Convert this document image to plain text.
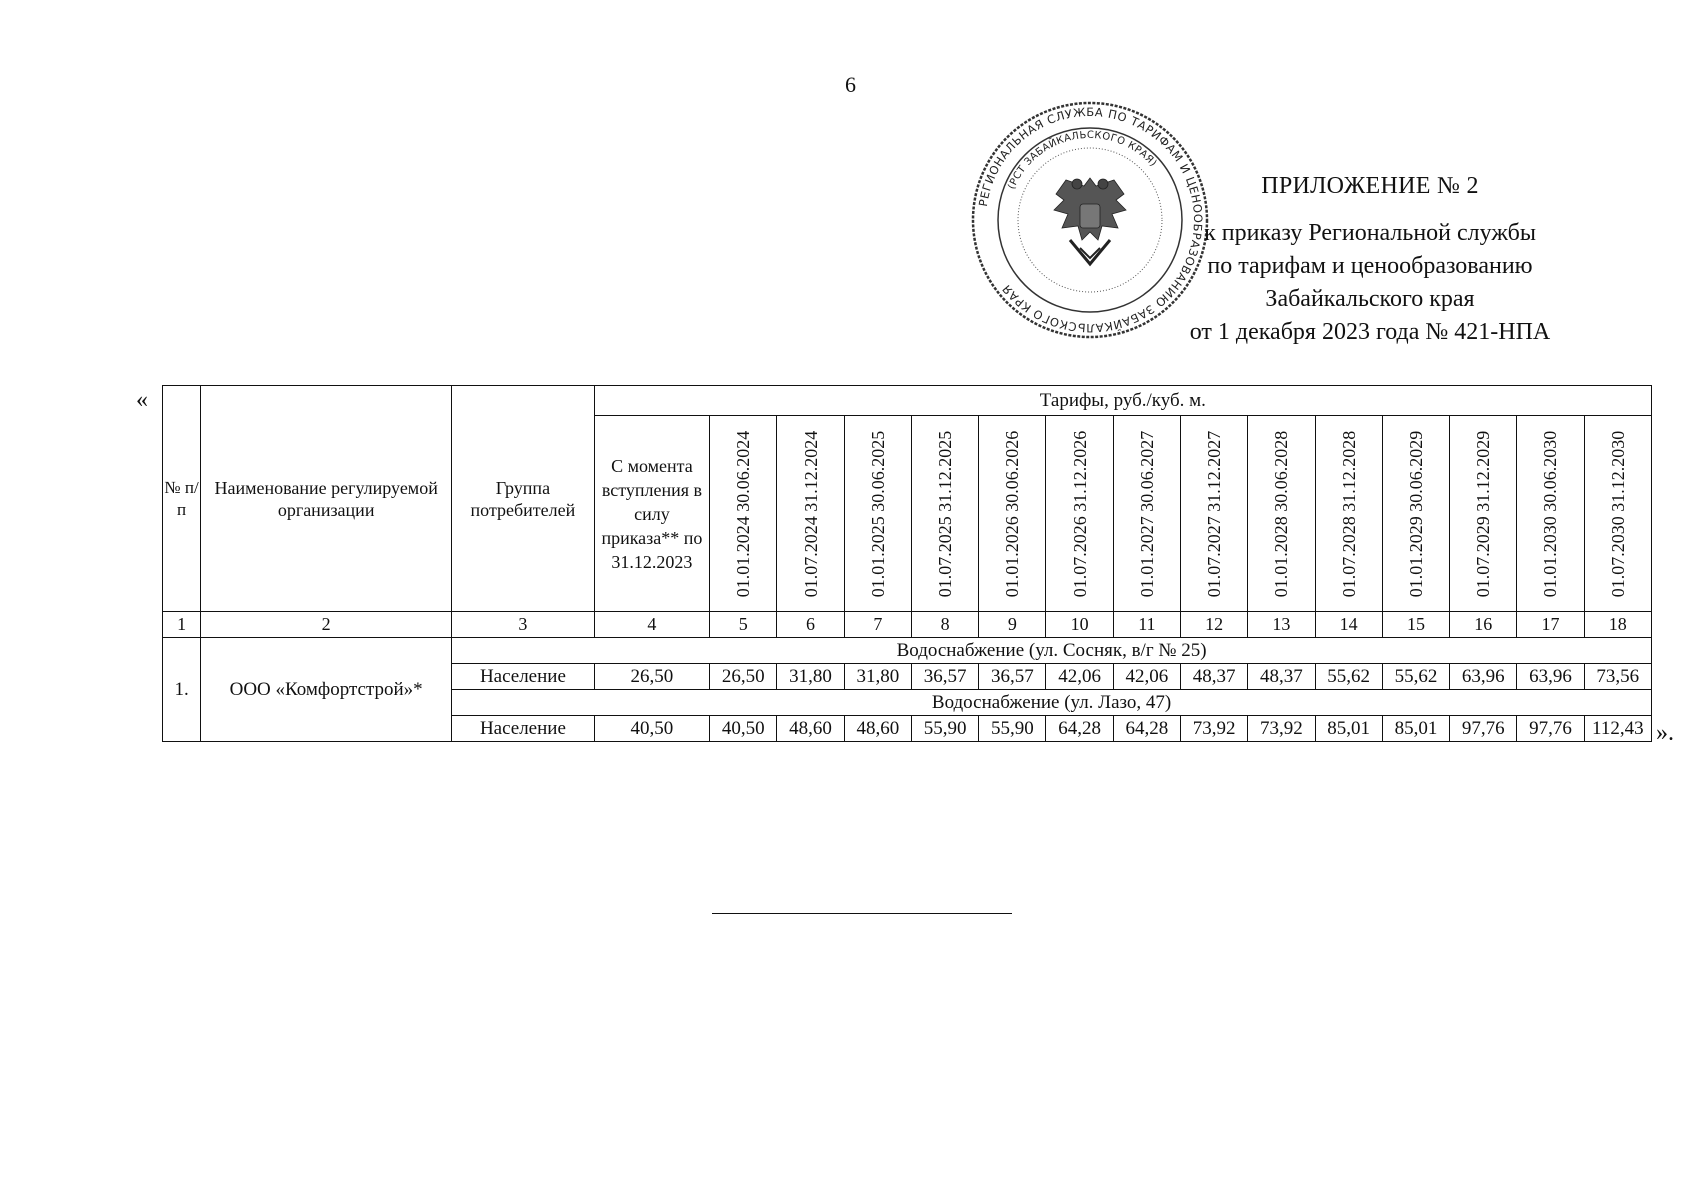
6
РЕГИОНАЛЬНАЯ СЛУЖБА ПО ТАРИФАМ И ЦЕНООБРАЗОВАНИЮ ЗАБАЙКАЛЬСКОГО КРАЯ
(РСТ ЗАБАЙКАЛЬСКОГО КРАЯ)
ПРИЛОЖЕНИЕ № 2
к приказу Региональной службы
по тарифам и ценообразованию
Забайкальского края
от 1 декабря 2023 года № 421-НПА
«
№ п/п	Наименование регулируемой организации	Группа потребителей	Тарифы, руб./куб. м.														
			С момента вступления в силу приказа** по 31.12.2023	01.01.2024 30.06.2024	01.07.2024 31.12.2024	01.01.2025 30.06.2025	01.07.2025 31.12.2025	01.01.2026 30.06.2026	01.07.2026 31.12.2026	01.01.2027 30.06.2027	01.07.2027 31.12.2027	01.01.2028 30.06.2028	01.07.2028 31.12.2028	01.01.2029 30.06.2029	01.07.2029 31.12.2029	01.01.2030 30.06.2030	01.07.2030 31.12.2030

1	2	3	4	5	6	7	8	9	10	11	12	13	14	15	16	17	18
1.	ООО «Комфортстрой»*	Водоснабжение (ул. Сосняк, в/г № 25)															
		Население	26,50	26,50	31,80	31,80	36,57	36,57	42,06	42,06	48,37	48,37	55,62	55,62	63,96	63,96	73,56
		Водоснабжение (ул. Лазо, 47)															
		Население	40,50	40,50	48,60	48,60	55,90	55,90	64,28	64,28	73,92	73,92	85,01	85,01	97,76	97,76	112,43 ».
